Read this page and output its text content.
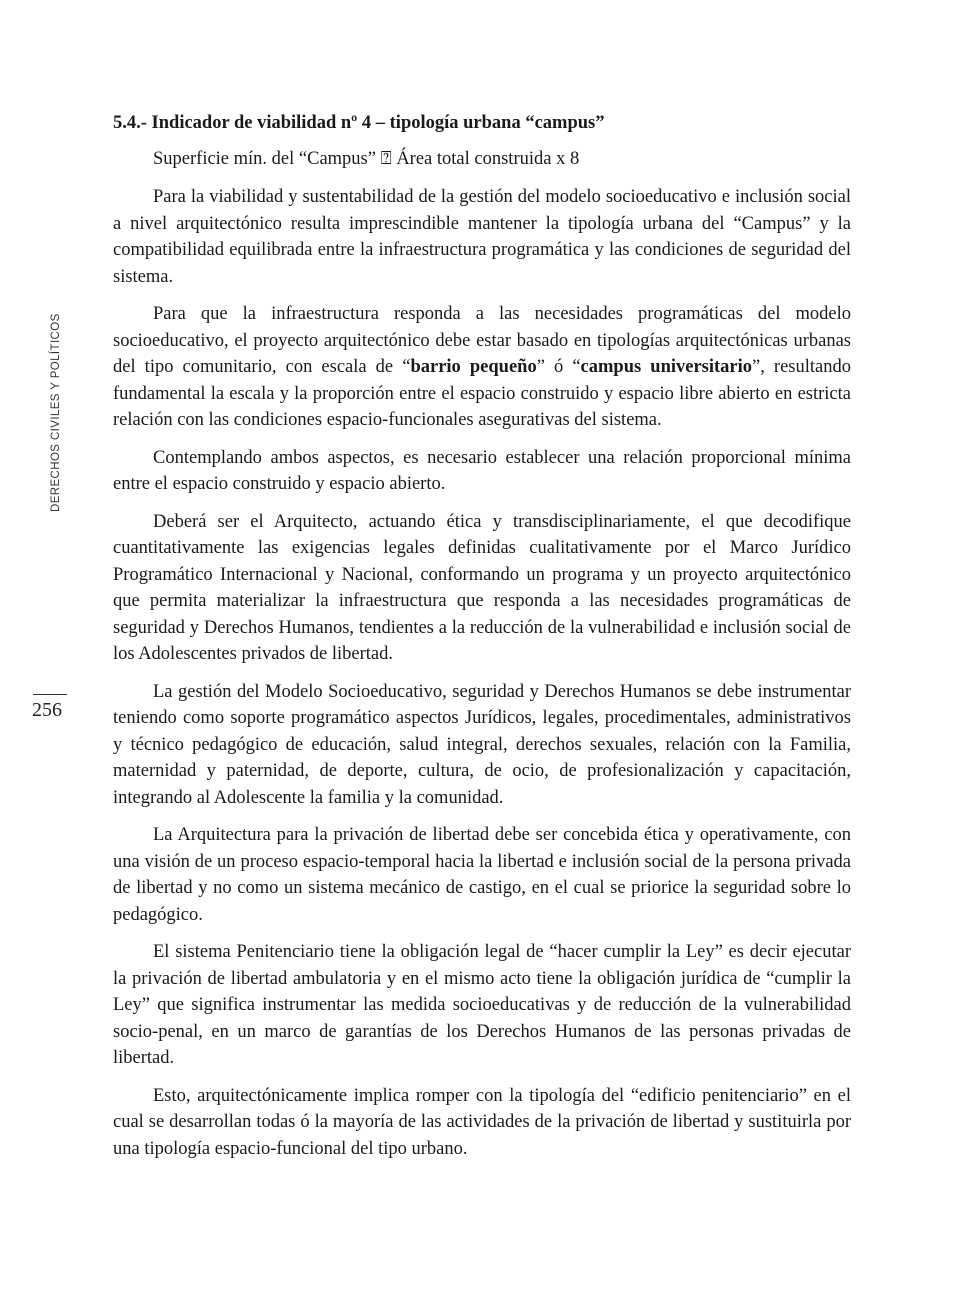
DERECHOS CIVILES Y POLÍTICOS
256
5.4.- Indicador de viabilidad nº 4 – tipología urbana “campus”

Superficie mín. del “Campus” ⍰ Área total construida x 8

Para la viabilidad y sustentabilidad de la gestión del modelo socioeducativo e inclusión social a nivel arquitectónico resulta imprescindible mantener la tipología urbana del “Campus” y la compatibilidad equilibrada entre la infraestructura programática y las condiciones de seguridad del sistema.

Para que la infraestructura responda a las necesidades programáticas del modelo socioeducativo, el proyecto arquitectónico debe estar basado en tipologías arquitectónicas urbanas del tipo comunitario, con escala de “barrio pequeño” ó “campus universitario”, resultando fundamental la escala y la proporción entre el espacio construido y espacio libre abierto en estricta relación con las condiciones espacio-funcionales asegurativas del sistema.

Contemplando ambos aspectos, es necesario establecer una relación proporcional mínima entre el espacio construido y espacio abierto.

Deberá ser el Arquitecto, actuando ética y transdisciplinariamente, el que decodifique cuantitativamente las exigencias legales definidas cualitativamente por el Marco Jurídico Programático Internacional y Nacional, conformando un programa y un proyecto arquitectónico que permita materializar la infraestructura que responda a las necesidades programáticas de seguridad y Derechos Humanos, tendientes a la reducción de la vulnerabilidad e inclusión social de los Adolescentes privados de libertad.

La gestión del Modelo Socioeducativo, seguridad y Derechos Humanos se debe instrumentar teniendo como soporte programático aspectos Jurídicos, legales, procedimentales, administrativos y técnico pedagógico de educación, salud integral, derechos sexuales, relación con la Familia, maternidad y paternidad, de deporte, cultura, de ocio, de profesionalización y capacitación, integrando al Adolescente la familia y la comunidad.

La Arquitectura para la privación de libertad debe ser concebida ética y operativamente, con una visión de un proceso espacio-temporal hacia la libertad e inclusión social de la persona privada de libertad y no como un sistema mecánico de castigo, en el cual se priorice la seguridad sobre lo pedagógico.

El sistema Penitenciario tiene la obligación legal de “hacer cumplir la Ley” es decir ejecutar la privación de libertad ambulatoria y en el mismo acto tiene la obligación jurídica de “cumplir la Ley” que significa instrumentar las medida socioeducativas y de reducción de la vulnerabilidad socio-penal, en un marco de garantías de los Derechos Humanos de las personas privadas de libertad.

Esto, arquitectónicamente implica romper con la tipología del “edificio penitenciario” en el cual se desarrollan todas ó la mayoría de las actividades de la privación de libertad y sustituirla por una tipología espacio-funcional del tipo urbano.
